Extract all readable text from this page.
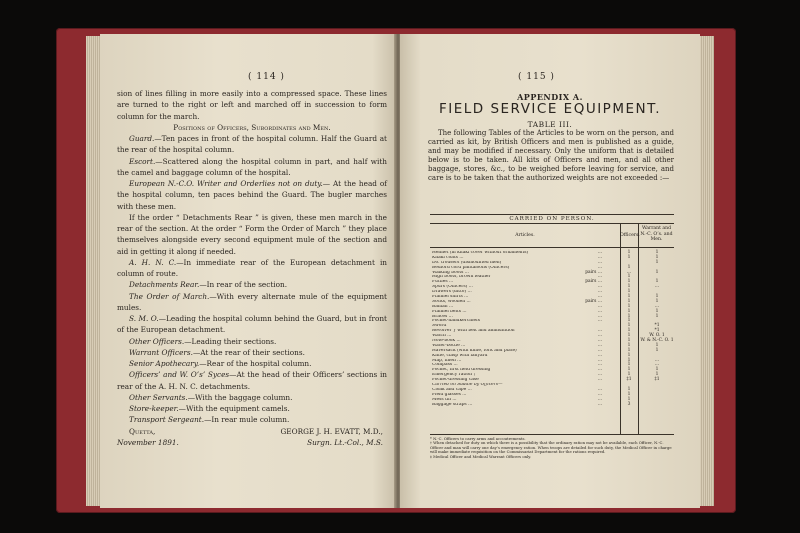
( 114 )

sion of lines filling in more easily into a compressed space. These lines are turned to the right or left and marched off in succession to form column for the march.

Positions of Officers, Subordinates and Men.

Guard.—Ten paces in front of the hospital column. Half the Guard at the rear of the hospital column.

Escort.—Scattered along the hospital column in part, and half with the camel and baggage column of the hospital.

European N.-C.O. Writer and Orderlies not on duty.— At the head of the hospital column, ten paces behind the Guard. The bugler marches with these men.

If the order “ Detachments Rear ” is given, these men march in the rear of the section. At the order “ Form the Order of March ” they place themselves alongside every second equipment mule of the section and aid in getting it along if needed.

A. H. N. C.—In immediate rear of the European detachment in column of route.

Detachments Rear.—In rear of the section.

The Order of March.—With every alternate mule of the equipment mules.

S. M. O.—Leading the hospital column behind the Guard, but in front of the European detachment.

Other Officers.—Leading their sections.

Warrant Officers.—At the rear of their sections.

Senior Apothecary.—Rear of the hospital column.

Officers’ and W. O’s’ Syces—At the head of their Officers’ sections in rear of the A. H. N. C. detachments.

Other Servants.—With the baggage column.

Store-keeper.—With the equipment camels.

Transport Sergeant.—In rear mule column.

Quetta,	GEORGE J. H. EVATT, M.D.,
November 1891.	Surgn. Lt.-Col., M.S.
( 115 )
APPENDIX A.
FIELD SERVICE EQUIPMENT.
TABLE III.

The following Tables of the Articles to be worn on the person, and carried as kit, by British Officers and men is published as a guide, and may be modified if necessary. Only the uniform that is detailed below is to be taken. All kits of Officers and men, and all other baggage, stores, &c., to be weighed before leaving for service, and care is to be taken that the authorized weights are not exceeded :—

CARRIED ON PERSON.
Articles.	Officers.
Warrant and N.-C. O’s. and Men.
Helmet (in khaki cover without ornaments)	...	1	1
Khaki coats ...	...	1	1
Do. trousers (dismounted men)	...	1
Bedford cord pantaloons (Officers)	...	1
Walking boots ...	pairs ...	...	1
High boots, brown leather	...	1
Putties ...	pairs ...	1	1
Spurs (Officers) ...	...	1	...
Drawers (ditto) ...	...	1
Flannel shirts ...	...	1	1
Socks, woollen ...	pairs ...	1	1
Banian ...	...	1	...
Flannel belts ...	...	1	1
Braces ...	...	1	1
Pocket-handkerchiefs	...	1
Sword	1	*1
Revolver } with belt and ammunition	...	1	*1
Watch ...	...	1	W. O. 1
Note-book ...	...	1	W. & N.-C. O. 1
Water-bottle ...	...	1	1
Haversack (with knife, fork and plate)	...	1	1
Knife, clasp with lanyard	...	1
Map, linen ...	...	1	...
Compass ...	...	1	...
Pocket, first field dressing	...	1	1
Emergency ration †	...	1	1
Pocket-dressing case	...	‡1	‡1
Carried on Saddle by Officers—
Cloak and cape ...	...	1
Field glasses ...	...	1
Mess tin ...	...	1
Baggage straps ...	...	3

* N.-C. Officers to carry arms and accoutrements.

† When detached for duty on which there is a possibility that the ordinary ration may not be available, each Officer, N.-C. Officer and man will carry one day’s emergency ration. When troops are detailed for such duty, the Medical Officer in charge will make immediate requisition on the Commissariat Department for the rations required.

‡ Medical Officer and Medical Warrant Officers only.
